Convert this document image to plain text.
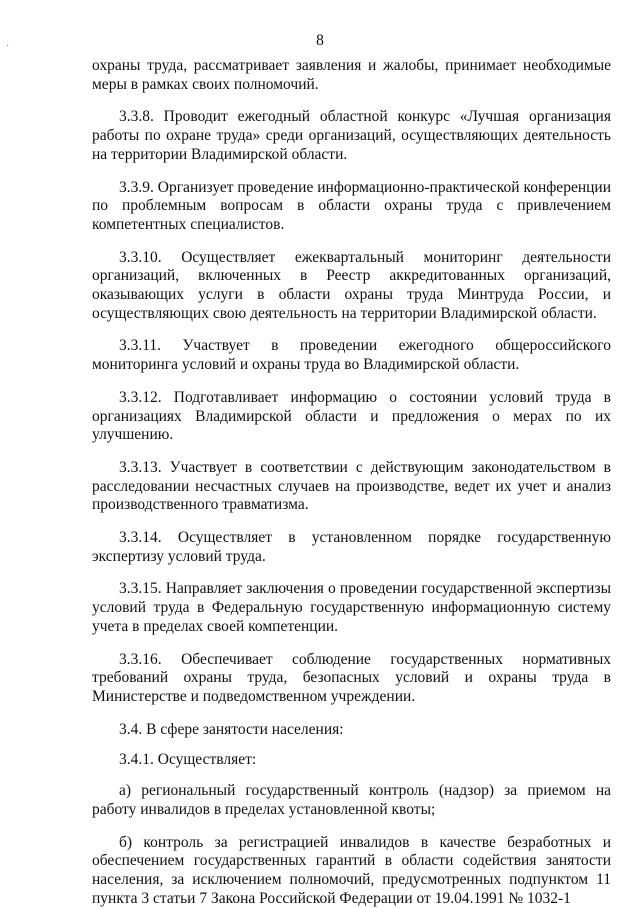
·	8

охраны труда, рассматривает заявления и жалобы, принимает необходимые меры в рамках своих полномочий.

3.3.8. Проводит ежегодный областной конкурс «Лучшая организация работы по охране труда» среди организаций, осуществляющих деятельность на территории Владимирской области.

3.3.9. Организует проведение информационно-практической конференции по проблемным вопросам в области охраны труда с привлечением компетентных специалистов.

3.3.10. Осуществляет ежеквартальный мониторинг деятельности организаций, включенных в Реестр аккредитованных организаций, оказывающих услуги в области охраны труда Минтруда России, и осуществляющих свою деятельность на территории Владимирской области.

3.3.11. Участвует в проведении ежегодного общероссийского мониторинга условий и охраны труда во Владимирской области.

3.3.12. Подготавливает информацию о состоянии условий труда в организациях Владимирской области и предложения о мерах по их улучшению.

3.3.13. Участвует в соответствии с действующим законодательством в расследовании несчастных случаев на производстве, ведет их учет и анализ производственного травматизма.

3.3.14. Осуществляет в установленном порядке государственную экспертизу условий труда.

3.3.15. Направляет заключения о проведении государственной экспертизы условий труда в Федеральную государственную информационную систему учета в пределах своей компетенции.

3.3.16. Обеспечивает соблюдение государственных нормативных требований охраны труда, безопасных условий и охраны труда в Министерстве и подведомственном учреждении.

3.4. В сфере занятости населения:

3.4.1. Осуществляет:

а) региональный государственный контроль (надзор) за приемом на работу инвалидов в пределах установленной квоты;

б) контроль за регистрацией инвалидов в качестве безработных и обеспечением государственных гарантий в области содействия занятости населения, за исключением полномочий, предусмотренных подпунктом 11 пункта 3 статьи 7 Закона Российской Федерации от 19.04.1991 № 1032-1
